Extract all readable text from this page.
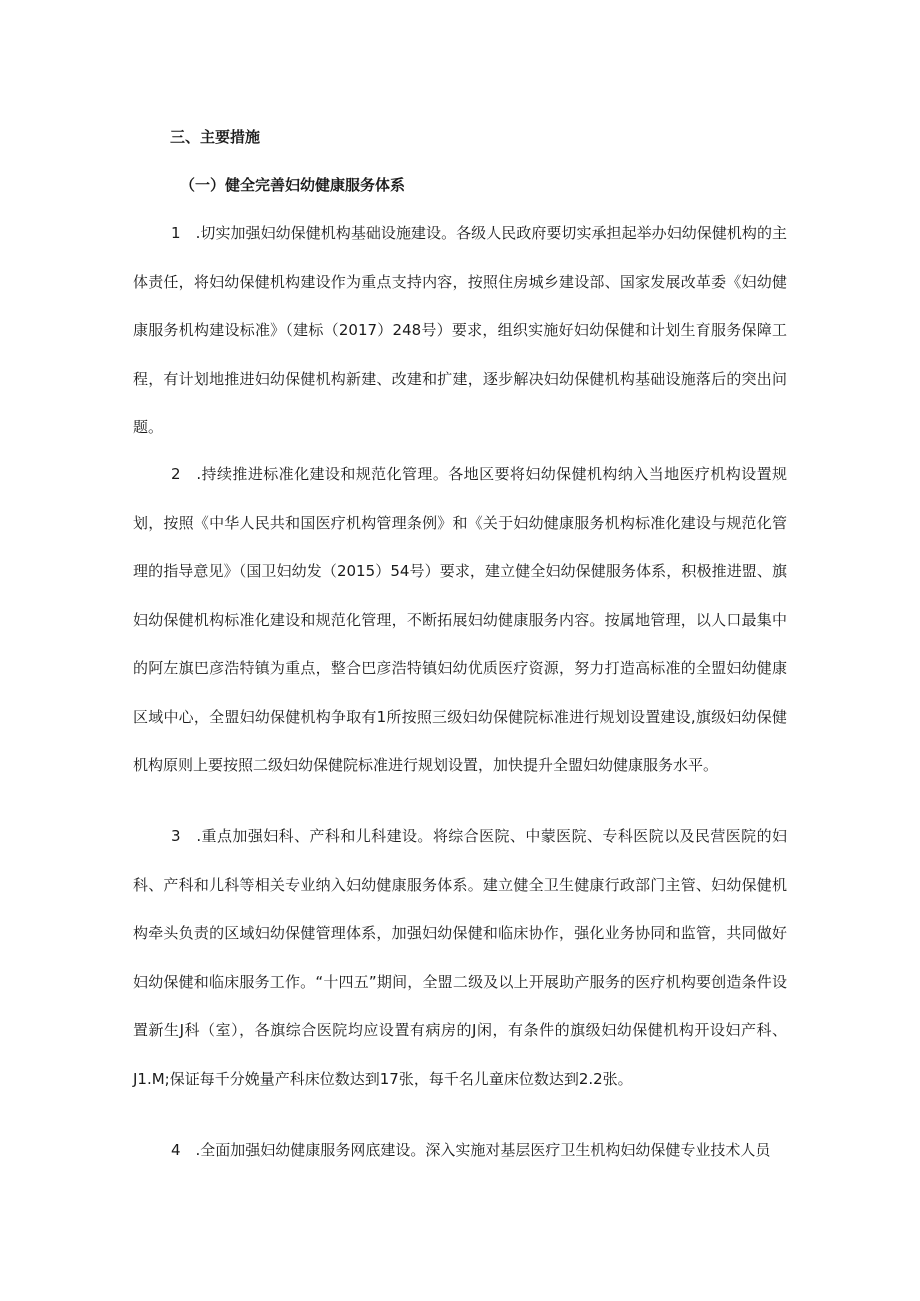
三、主要措施

（一）健全完善妇幼健康服务体系

1　.切实加强妇幼保健机构基础设施建设。各级人民政府要切实承担起举办妇幼保健机构的主体责任，将妇幼保健机构建设作为重点支持内容，按照住房城乡建设部、国家发展改革委《妇幼健康服务机构建设标准》（建标（2017）248号）要求，组织实施好妇幼保健和计划生育服务保障工程，有计划地推进妇幼保健机构新建、改建和扩建，逐步解决妇幼保健机构基础设施落后的突出问题。

2　.持续推进标准化建设和规范化管理。各地区要将妇幼保健机构纳入当地医疗机构设置规划，按照《中华人民共和国医疗机构管理条例》和《关于妇幼健康服务机构标准化建设与规范化管理的指导意见》（国卫妇幼发（2015）54号）要求，建立健全妇幼保健服务体系，积极推进盟、旗妇幼保健机构标准化建设和规范化管理，不断拓展妇幼健康服务内容。按属地管理，以人口最集中的阿左旗巴彦浩特镇为重点，整合巴彦浩特镇妇幼优质医疗资源，努力打造高标准的全盟妇幼健康区域中心，全盟妇幼保健机构争取有1所按照三级妇幼保健院标准进行规划设置建设,旗级妇幼保健机构原则上要按照二级妇幼保健院标准进行规划设置，加快提升全盟妇幼健康服务水平。

3　.重点加强妇科、产科和儿科建设。将综合医院、中蒙医院、专科医院以及民营医院的妇科、产科和儿科等相关专业纳入妇幼健康服务体系。建立健全卫生健康行政部门主管、妇幼保健机构牵头负责的区域妇幼保健管理体系，加强妇幼保健和临床协作，强化业务协同和监管，共同做好妇幼保健和临床服务工作。“十四五”期间，全盟二级及以上开展助产服务的医疗机构要创造条件设置新生J科（室），各旗综合医院均应设置有病房的J闲，有条件的旗级妇幼保健机构开设妇产科、J1.M;保证每千分娩量产科床位数达到17张，每千名儿童床位数达到2.2张。

4　.全面加强妇幼健康服务网底建设。深入实施对基层医疗卫生机构妇幼保健专业技术人员
